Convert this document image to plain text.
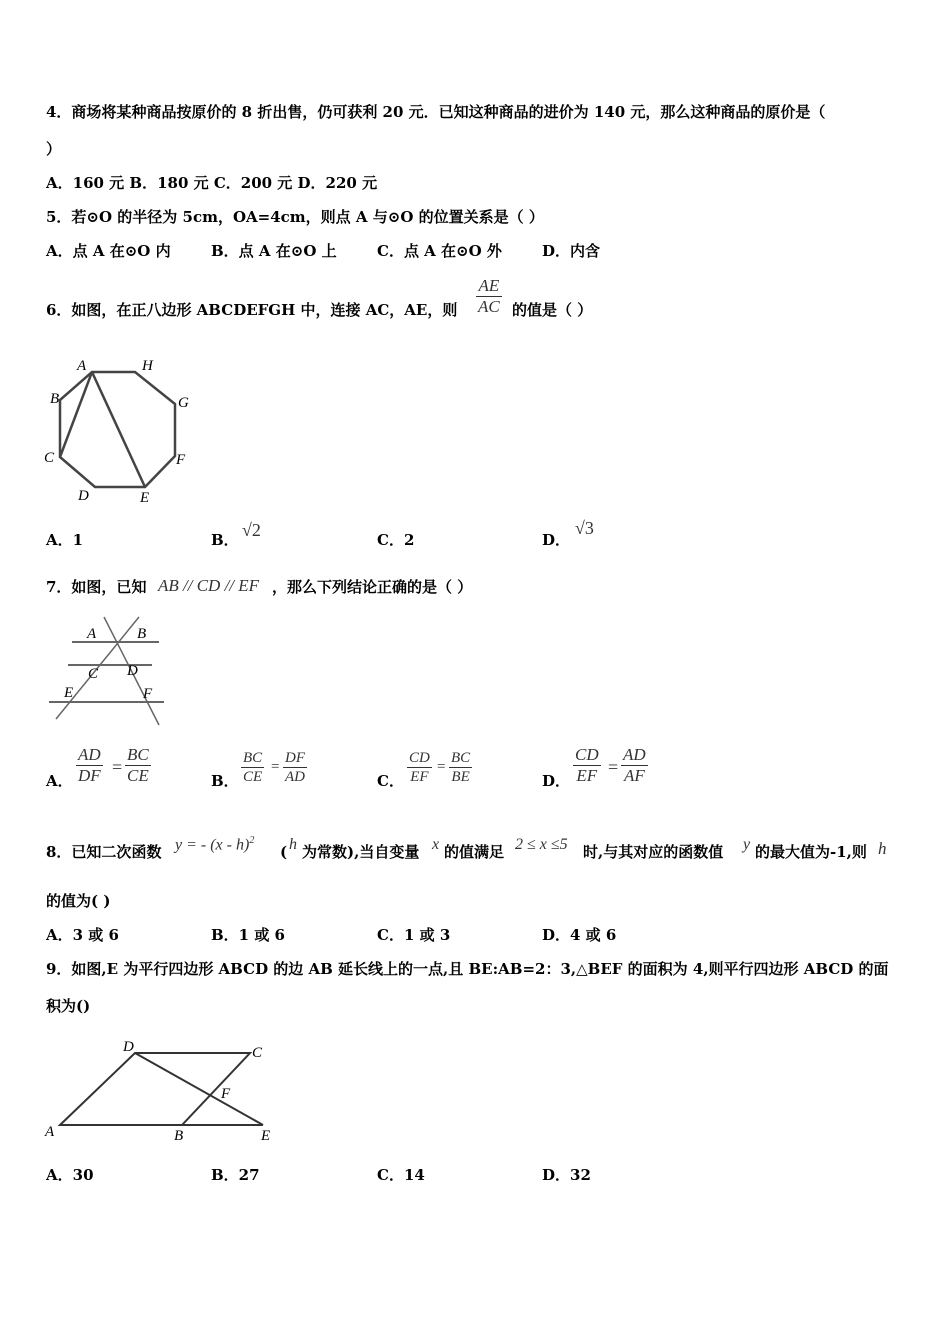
4．商场将某种商品按原价的 8 折出售，仍可获利 20 元．已知这种商品的进价为 140 元，那么这种商品的原价是（
）
A．160 元 B．180 元 C．200 元 D．220 元
5．若⊙O 的半径为 5cm，OA=4cm，则点 A 与⊙O 的位置关系是（ ）
A．点 A 在⊙O 内	B．点 A 在⊙O 上	C．点 A 在⊙O 外	D．内含
6．如图，在正八边形 ABCDEFGH 中，连接 AC，AE，则 $\frac{AE}{AC}$ 的值是（ ）
A	H
B	G
C	F
D	E
A．1	B． √2	C．2	D．
√3
7．如图，已知 AB // CD // EF ，那么下列结论正确的是（ ）
A	B
C D
E	F
A． $\frac{AD}{DF} = \frac{BC}{CE}$	B． $\frac{BC}{CE} = \frac{DF}{AD}$	C． $\frac{CD}{EF} = \frac{BC}{BE}$	D． $\frac{CD}{EF} = \frac{AD}{AF}$
8．已知二次函数 y = - (x - h)$^2$
( h 为常数),当自变量 x 的值满足 2 ≤ x ≤5 时,与其对应的函数值 y 的最大值为-1,则 h
的值为( )
A．3 或 6	B．1 或 6	C．1 或 3	D．4 或 6
9．如图,E 为平行四边形 ABCD 的边 AB 延长线上的一点,且 BE:AB=2：3,△BEF 的面积为 4,则平行四边形 ABCD 的面
积为()
D	C
F
A	B	E
A．30	B．27	C．14	D．32
